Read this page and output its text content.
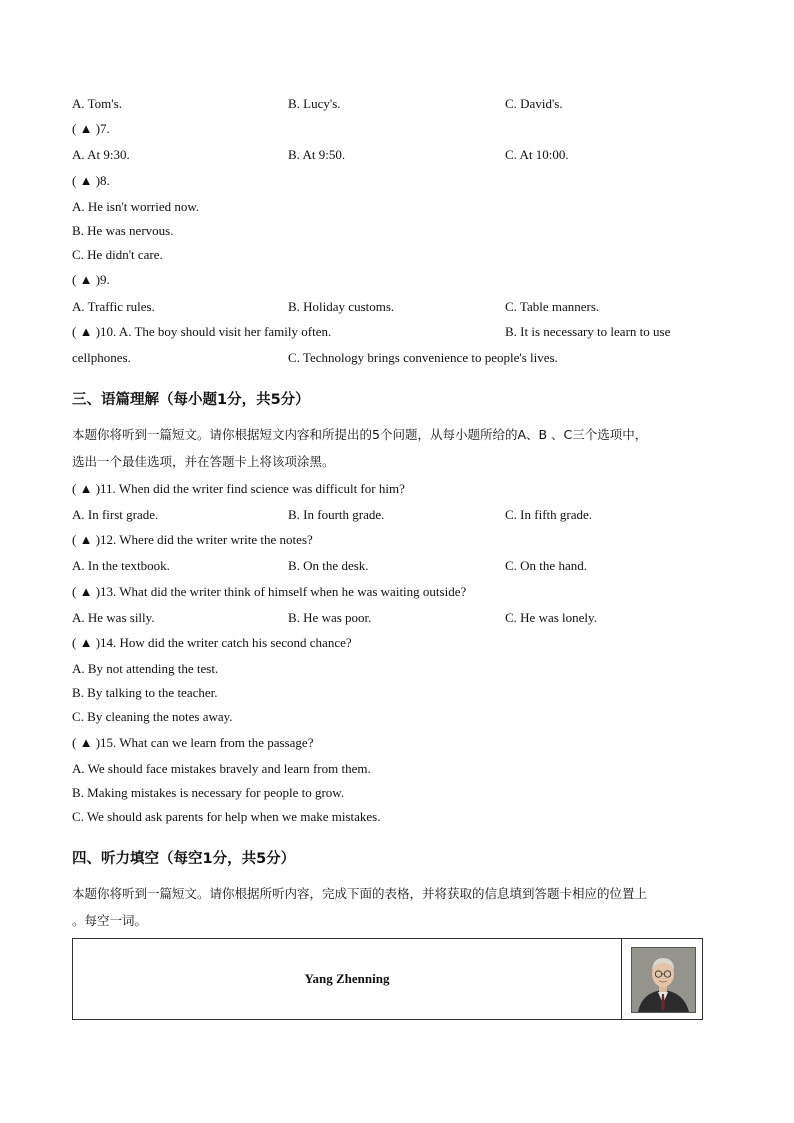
A. Tom's.	B. Lucy's.	C. David's.
( ▲ )7.
A. At 9:30.	B. At 9:50.	C. At 10:00.
( ▲ )8.
A. He isn't worried now.
B. He was nervous.
C. He didn't care.
( ▲ )9.
A. Traffic rules.	B. Holiday customs.	C. Table manners.
( ▲ )10. A. The boy should visit her family often.	B. It is necessary to learn to use
cellphones.	C. Technology brings convenience to people's lives.
三、语篇理解（每小题1分，共5分）
本题你将听到一篇短文。请你根据短文内容和所提出的5个问题，从每小题所给的A、B 、C三个选项中，
选出一个最佳选项，并在答题卡上将该项涂黑。
( ▲ )11. When did the writer find science was difficult for him?
A. In first grade.	B. In fourth grade.	C. In fifth grade.
( ▲ )12. Where did the writer write the notes?
A. In the textbook.	B. On the desk.	C. On the hand.
( ▲ )13. What did the writer think of himself when he was waiting outside?
A. He was silly.	B. He was poor.	C. He was lonely.
( ▲ )14. How did the writer catch his second chance?
A. By not attending the test.
B. By talking to the teacher.
C. By cleaning the notes away.
( ▲ )15. What can we learn from the passage?
A. We should face mistakes bravely and learn from them.
B. Making mistakes is necessary for people to grow.
C. We should ask parents for help when we make mistakes.
四、听力填空（每空1分，共5分）
本题你将听到一篇短文。请你根据所听内容，完成下面的表格，并将获取的信息填到答题卡相应的位置上
。每空一词。
Yang Zhenning
